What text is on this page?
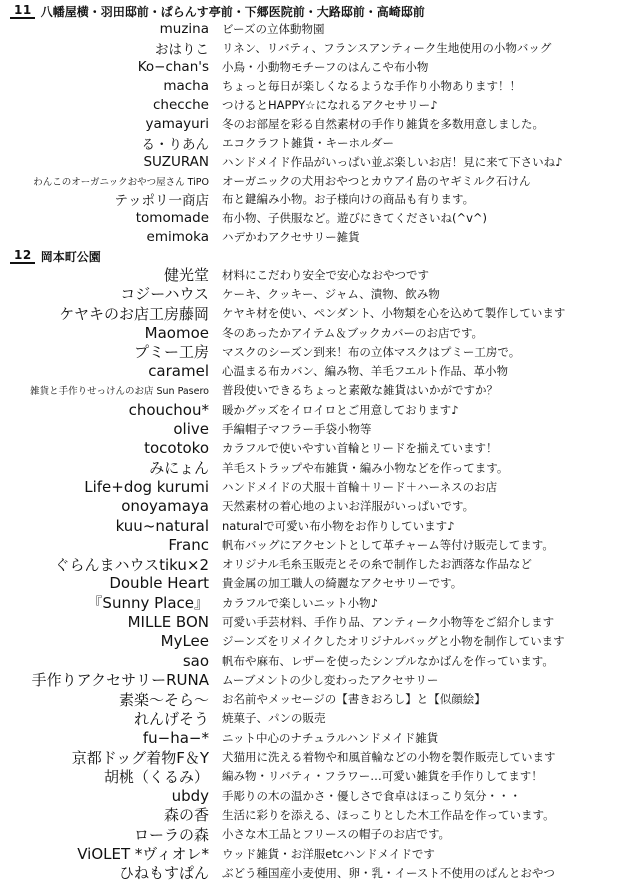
11 八幡屋横・羽田邸前・ぱらんす亭前・下郷医院前・大路邸前・高崎邸前
muzina	ビーズの立体動物園
おはりこ	リネン、リバティ、フランスアンティーク生地使用の小物バッグ
Ko−chan's	小鳥・小動物モチーフのはんこや布小物
macha	ちょっと毎日が楽しくなるような手作り小物あります！！
checche	つけるとHAPPY☆になれるアクセサリー♪
yamayuri	冬のお部屋を彩る自然素材の手作り雑貨を多数用意しました。
る・りあん	エコクラフト雑貨・キーホルダー
SUZURAN	ハンドメイド作品がいっぱい並ぶ楽しいお店！見に来て下さいね♪
わんこのオーガニックおやつ屋さん TiPO	オーガニックの犬用おやつとカウアイ島のヤギミルク石けん
テッポリ一商店	布と鍵編み小物。お子様向けの商品も有ります。
tomomade	布小物、子供服など。遊びにきてくださいね(^v^)
emimoka	ハデかわアクセサリー雑貨
12 岡本町公園
健光堂	材料にこだわり安全で安心なおやつです
コジーハウス	ケーキ、クッキー、ジャム、漬物、飲み物
ケヤキのお店工房藤岡	ケヤキ材を使い、ペンダント、小物類を心を込めて製作しています
Maomoe	冬のあったかアイテム＆ブックカバーのお店です。
プミー工房	マスクのシーズン到来！布の立体マスクはプミー工房で。
caramel	心温まる布カバン、編み物、羊毛フエルト作品、革小物
雑貨と手作りせっけんのお店 Sun Pasero	普段使いできるちょっと素敵な雑貨はいかがですか？
chouchou*	暖かグッズをイロイロとご用意しております♪
olive	手編帽子マフラー手袋小物等
tocotoko	カラフルで使いやすい首輪とリードを揃えています！
みにょん	羊毛ストラップや布雑貨・編み小物などを作ってます。
Life+dog kurumi	ハンドメイドの犬服＋首輪＋リード＋ハーネスのお店
onoyamaya	天然素材の着心地のよいお洋服がいっぱいです。
kuu~natural	naturalで可愛い布小物をお作りしています♪
Franc	帆布バッグにアクセントとして革チャーム等付け販売してます。
ぐらんまハウスtiku×2	オリジナル毛糸玉販売とその糸で制作したお洒落な作品など
Double Heart	貴金属の加工職人の綺麗なアクセサリーです。
『Sunny Place』	カラフルで楽しいニット小物♪
MILLE BON	可愛い手芸材料、手作り品、アンティーク小物等をご紹介します
MyLee	ジーンズをリメイクしたオリジナルバッグと小物を制作しています
sao	帆布や麻布、レザーを使ったシンプルなかばんを作っています。
手作りアクセサリーRUNA	ムーブメントの少し変わったアクセサリー
素楽〜そら〜	お名前やメッセージの【書きおろし】と【似顔絵】
れんげそう	焼菓子、パンの販売
fu−ha−*	ニット中心のナチュラルハンドメイド雑貨
京都ドッグ着物F＆Y	犬猫用に洗える着物や和風首輪などの小物を製作販売しています
胡桃（くるみ）	編み物・リバティ・フラワー…可愛い雑貨を手作りしてます！
ubdy	手彫りの木の温かさ・優しさで食卓はほっこり気分・・・
森の香	生活に彩りを添える、ほっこりとした木工作品を作っています。
ローラの森	小さな木工品とフリースの帽子のお店です。
ViOLET *ヴィオレ*	ウッド雑貨・お洋服etcハンドメイドです
ひねもすぱん	ぶどう種国産小麦使用、卵・乳・イースト不使用のぱんとおやつ
